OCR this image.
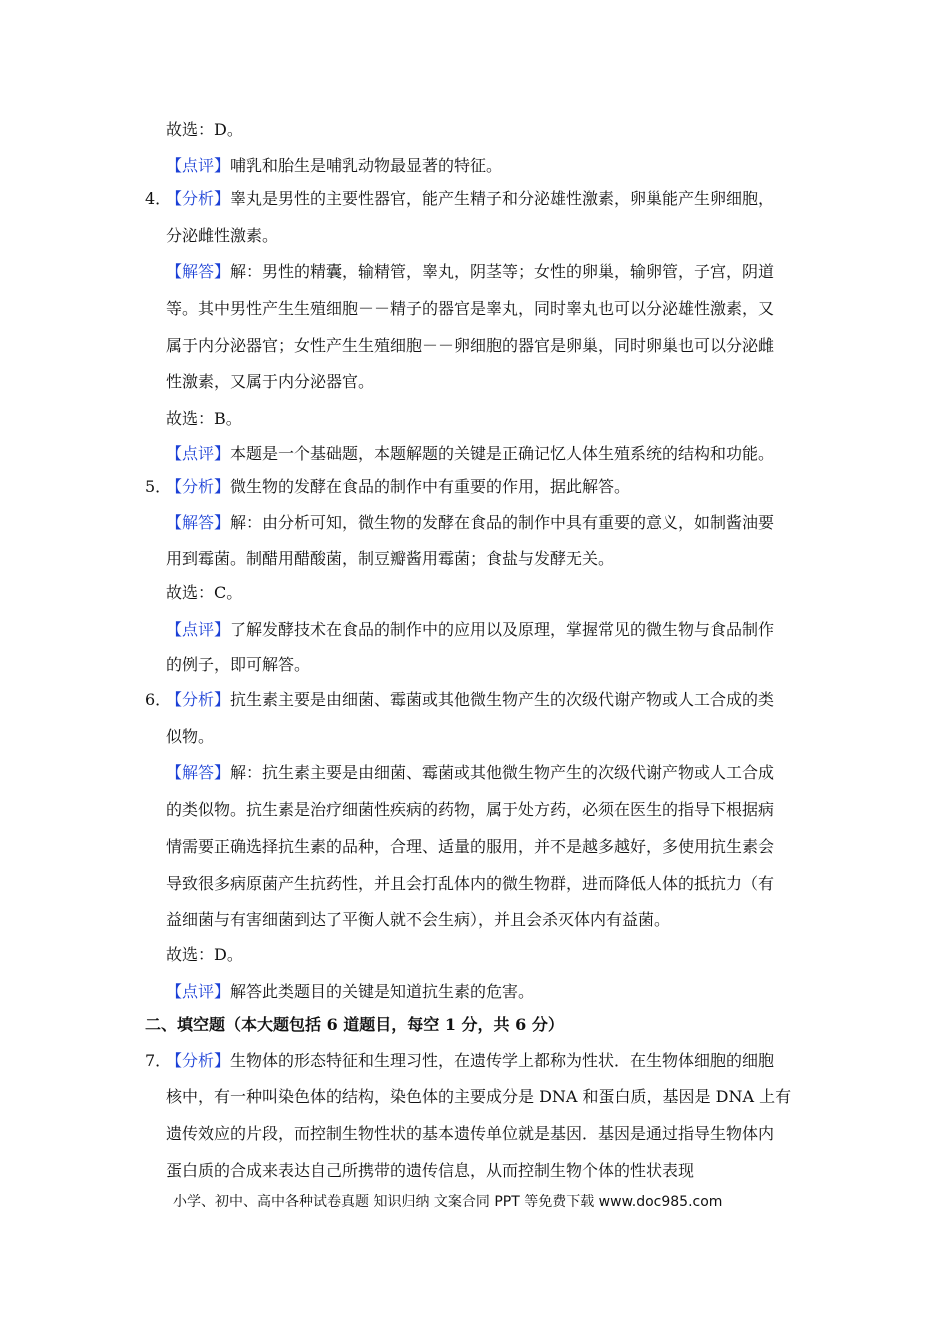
故选：D。
【点评】哺乳和胎生是哺乳动物最显著的特征。
4．
【分析】睾丸是男性的主要性器官，能产生精子和分泌雄性激素，卵巢能产生卵细胞，
分泌雌性激素。
【解答】解：男性的精囊，输精管，睾丸，阴茎等；女性的卵巢，输卵管，子宫，阴道
等。其中男性产生生殖细胞－－精子的器官是睾丸，同时睾丸也可以分泌雄性激素，又
属于内分泌器官；女性产生生殖细胞－－卵细胞的器官是卵巢，同时卵巢也可以分泌雌
性激素，又属于内分泌器官。
故选：B。
【点评】本题是一个基础题，本题解题的关键是正确记忆人体生殖系统的结构和功能。
5．
【分析】微生物的发酵在食品的制作中有重要的作用，据此解答。
【解答】解：由分析可知，微生物的发酵在食品的制作中具有重要的意义，如制酱油要
用到霉菌。制醋用醋酸菌，制豆瓣酱用霉菌；食盐与发酵无关。
故选：C。
【点评】了解发酵技术在食品的制作中的应用以及原理，掌握常见的微生物与食品制作
的例子，即可解答。
6．
【分析】抗生素主要是由细菌、霉菌或其他微生物产生的次级代谢产物或人工合成的类
似物。
【解答】解：抗生素主要是由细菌、霉菌或其他微生物产生的次级代谢产物或人工合成
的类似物。抗生素是治疗细菌性疾病的药物，属于处方药，必须在医生的指导下根据病
情需要正确选择抗生素的品种，合理、适量的服用，并不是越多越好，多使用抗生素会
导致很多病原菌产生抗药性，并且会打乱体内的微生物群，进而降低人体的抵抗力（有
益细菌与有害细菌到达了平衡人就不会生病），并且会杀灭体内有益菌。
故选：D。
【点评】解答此类题目的关键是知道抗生素的危害。
二、填空题（本大题包括 6 道题目，每空 1 分，共 6 分）
7．
【分析】生物体的形态特征和生理习性，在遗传学上都称为性状．在生物体细胞的细胞
核中，有一种叫染色体的结构，染色体的主要成分是 DNA 和蛋白质，基因是 DNA 上有
遗传效应的片段，而控制生物性状的基本遗传单位就是基因．基因是通过指导生物体内
蛋白质的合成来表达自己所携带的遗传信息，从而控制生物个体的性状表现
小学、初中、高中各种试卷真题 知识归纳 文案合同 PPT 等免费下载 www.doc985.com
